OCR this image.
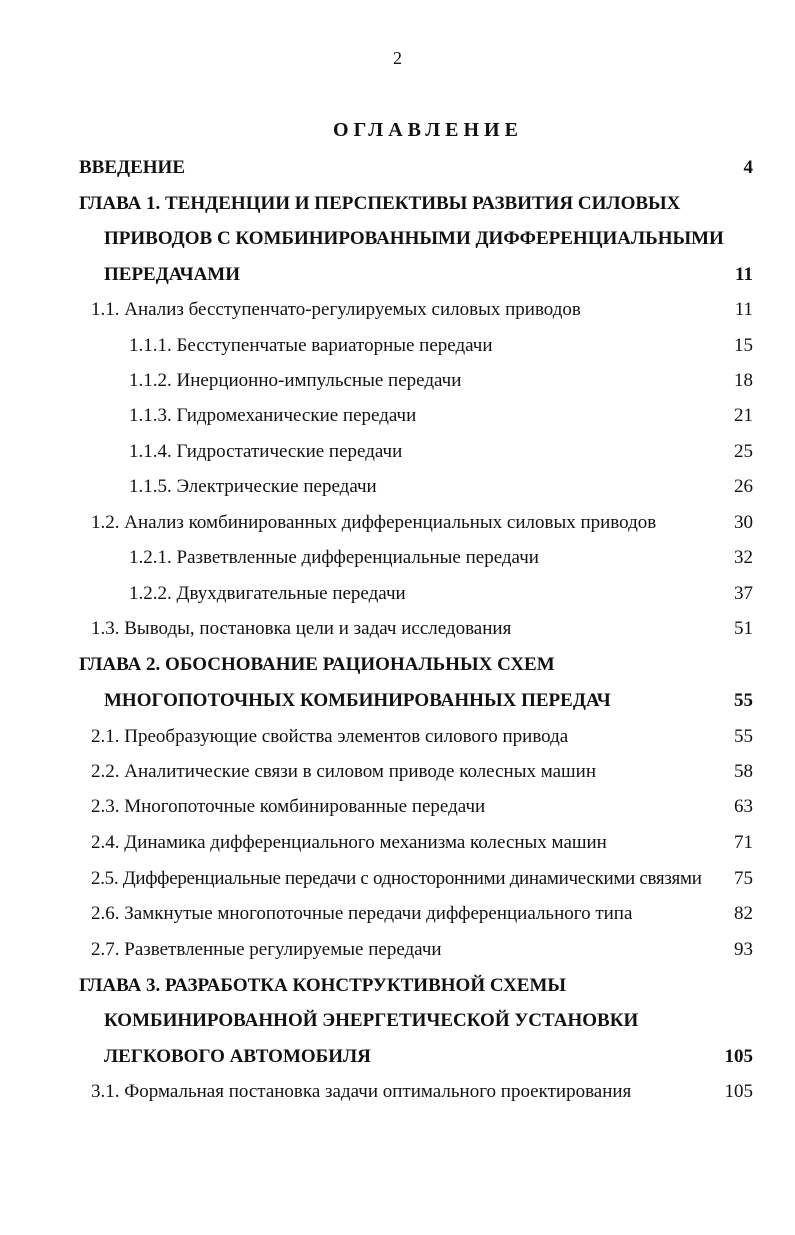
2
ОГЛАВЛЕНИЕ
ВВЕДЕНИЕ	4
ГЛАВА 1. ТЕНДЕНЦИИ И ПЕРСПЕКТИВЫ РАЗВИТИЯ СИЛОВЫХ
ПРИВОДОВ С КОМБИНИРОВАННЫМИ ДИФФЕРЕНЦИАЛЬНЫМИ
ПЕРЕДАЧАМИ	11
1.1. Анализ бесступенчато-регулируемых силовых приводов	11
1.1.1. Бесступенчатые вариаторные передачи	15
1.1.2. Инерционно-импульсные передачи	18
1.1.3. Гидромеханические передачи	21
1.1.4. Гидростатические передачи	25
1.1.5. Электрические передачи	26
1.2. Анализ комбинированных дифференциальных силовых приводов	30
1.2.1. Разветвленные дифференциальные передачи	32
1.2.2. Двухдвигательные передачи	37
1.3. Выводы, постановка цели и задач исследования	51
ГЛАВА 2. ОБОСНОВАНИЕ РАЦИОНАЛЬНЫХ СХЕМ
МНОГОПОТОЧНЫХ КОМБИНИРОВАННЫХ ПЕРЕДАЧ	55
2.1. Преобразующие свойства элементов силового привода	55
2.2. Аналитические связи в силовом приводе колесных машин	58
2.3. Многопоточные комбинированные передачи	63
2.4. Динамика дифференциального механизма колесных машин	71
2.5. Дифференциальные передачи с односторонними динамическими связями 75
2.6. Замкнутые многопоточные передачи дифференциального типа	82
2.7. Разветвленные регулируемые передачи	93
ГЛАВА 3. РАЗРАБОТКА КОНСТРУКТИВНОЙ СХЕМЫ
КОМБИНИРОВАННОЙ ЭНЕРГЕТИЧЕСКОЙ УСТАНОВКИ
ЛЕГКОВОГО АВТОМОБИЛЯ	105
3.1. Формальная постановка задачи оптимального проектирования	105
